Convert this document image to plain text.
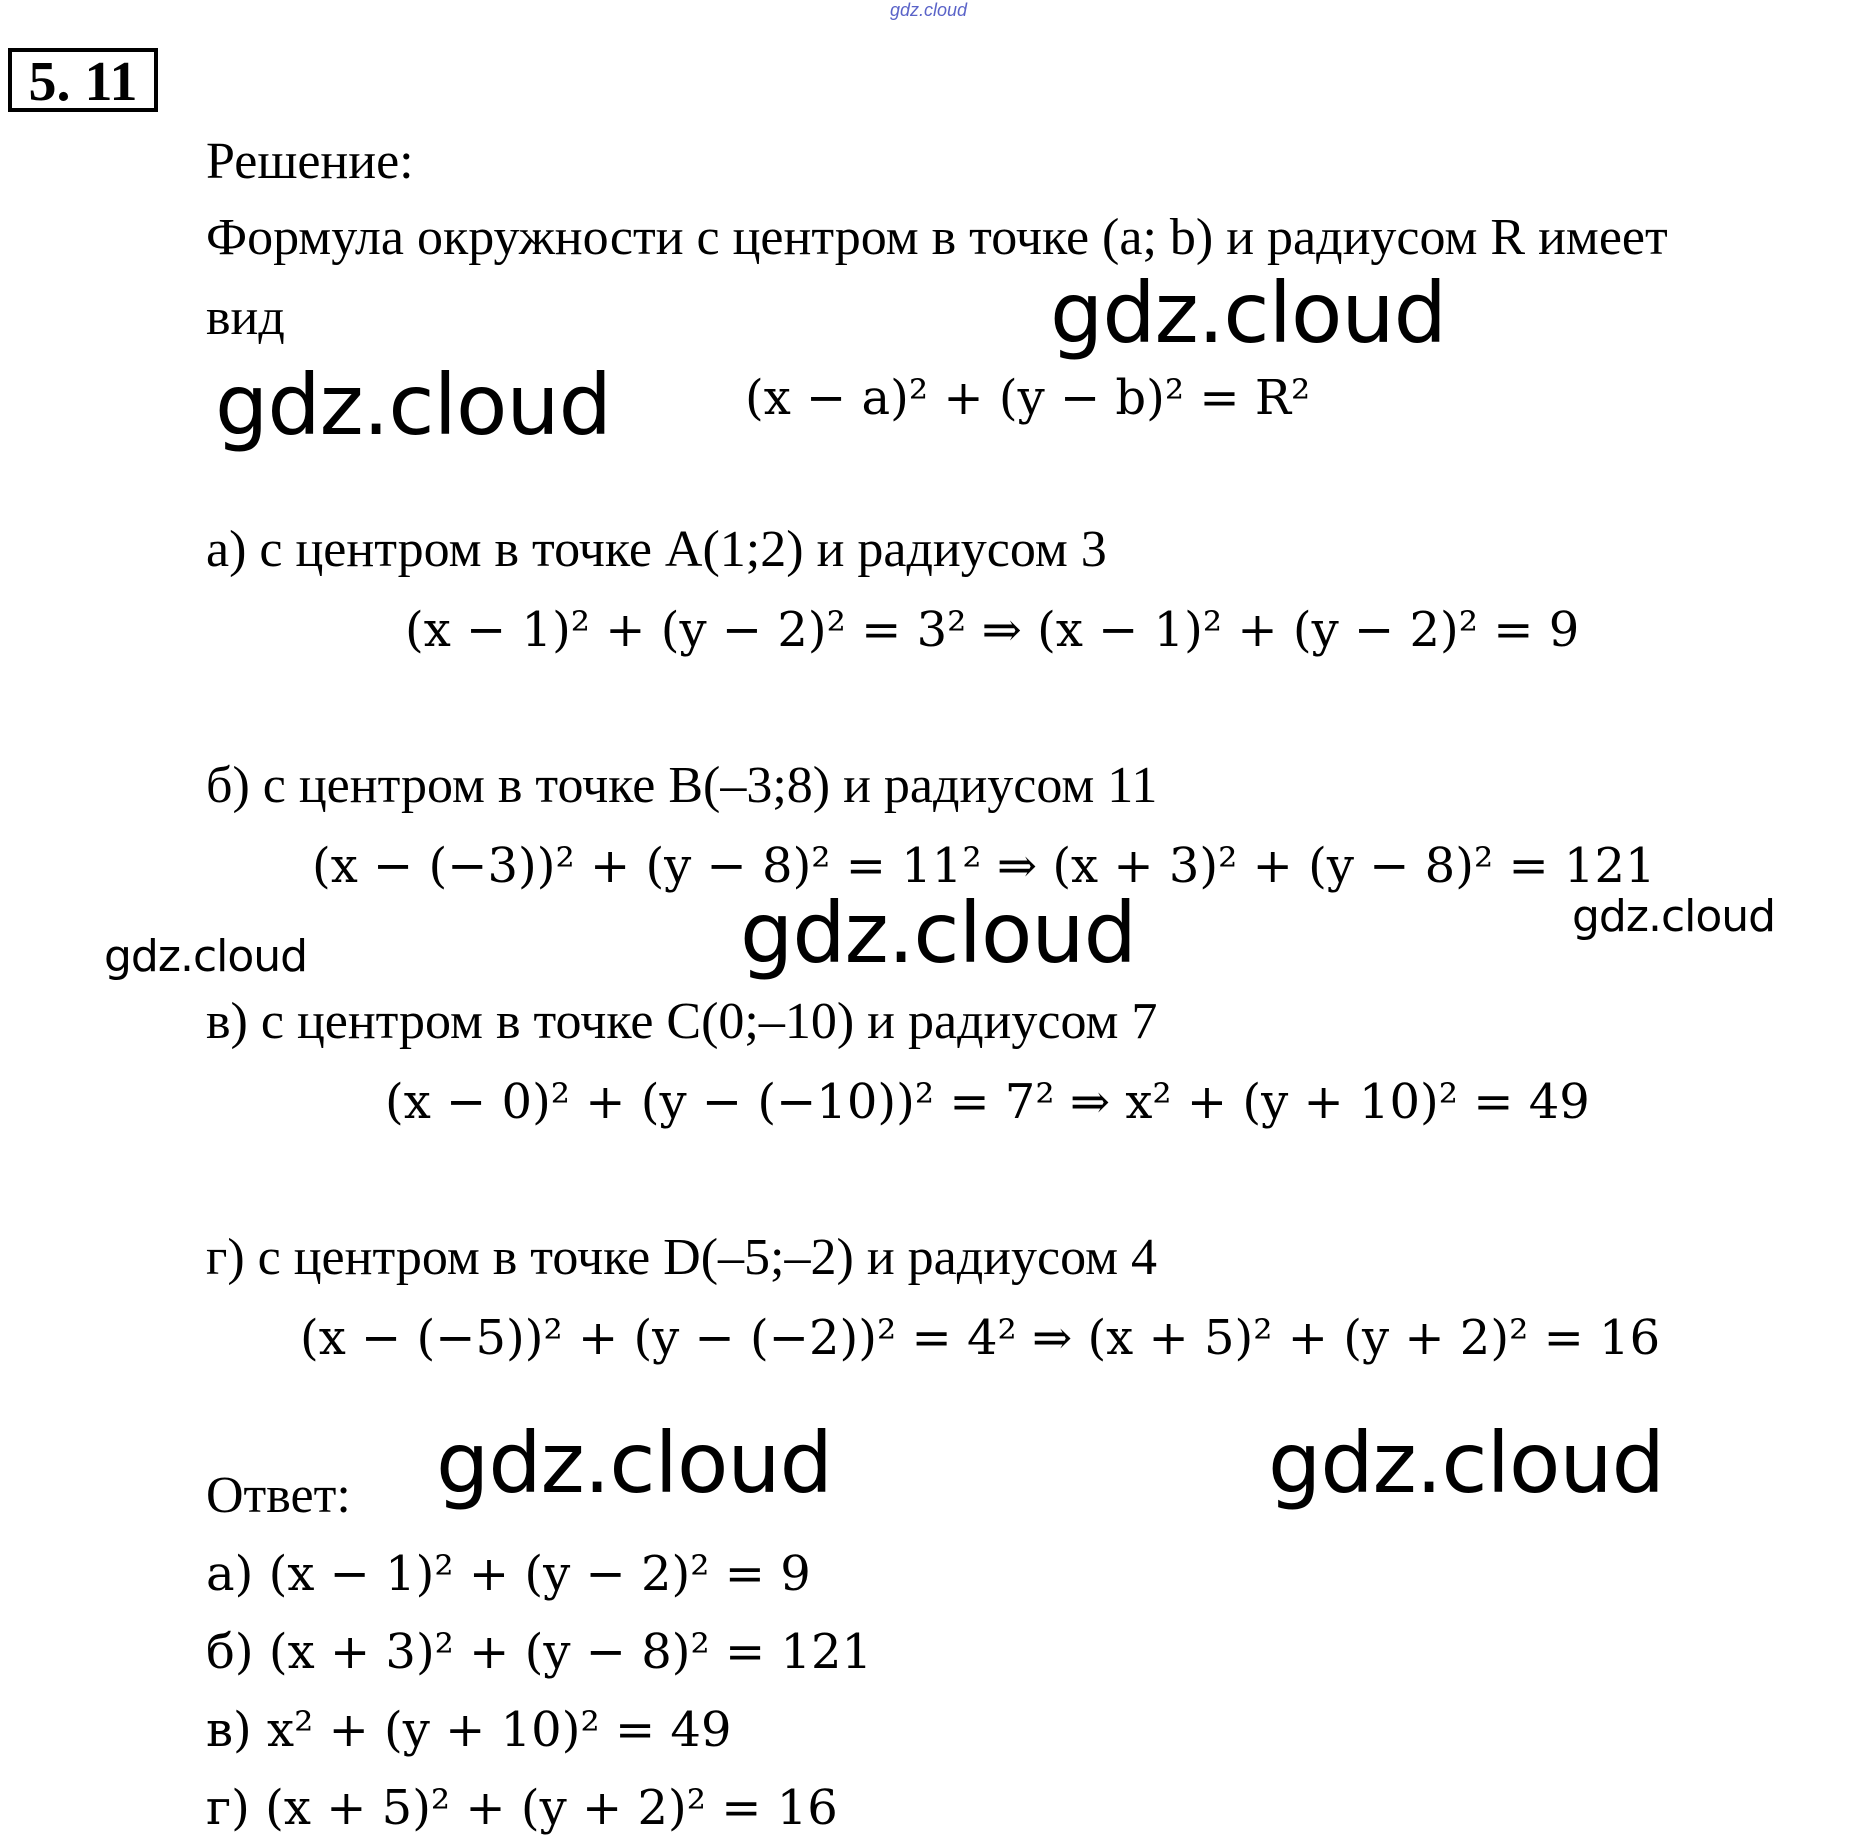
gdz.cloud
5. 11
Решение:
Формула окружности с центром в точке (a; b) и радиусом R имеет
вид
(x − a)² + (y − b)² = R²
а) с центром в точке А(1;2) и радиусом 3
(x − 1)² + (y − 2)² = 3² ⇒ (x − 1)² + (y − 2)² = 9
б) с центром в точке B(–3;8) и радиусом 11
(x − (−3))² + (y − 8)² = 11² ⇒ (x + 3)² + (y − 8)² = 121
в) с центром в точке C(0;–10) и радиусом 7
(x − 0)² + (y − (−10))² = 7² ⇒ x² + (y + 10)² = 49
г) с центром в точке D(–5;–2) и радиусом 4
(x − (−5))² + (y − (−2))² = 4² ⇒ (x + 5)² + (y + 2)² = 16
Ответ:
а) (x − 1)² + (y − 2)² = 9
б) (x + 3)² + (y − 8)² = 121
в) x² + (y + 10)² = 49
г) (x + 5)² + (y + 2)² = 16
gdz.cloud
gdz.cloud
gdz.cloud	gdz.cloud
gdz.cloud
gdz.cloud	gdz.cloud
